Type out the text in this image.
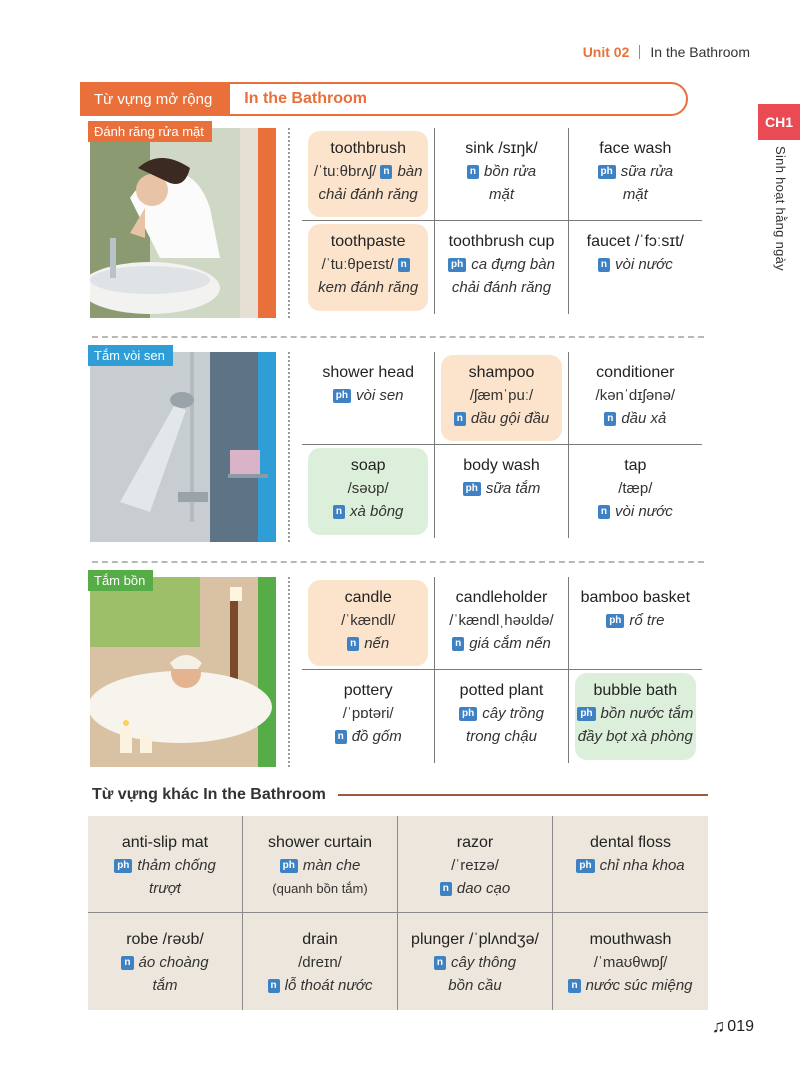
Unit 02 In the Bathroom
CH1
Sinh hoạt hằng ngày
Từ vựng mở rộng	In the Bathroom
Đánh răng rửa mặt
toothbrush
/ˈtuːθbrʌʃ/ n bàn
chải đánh răng
sink /sɪŋk/
n bồn rửa
mặt
face wash
ph sữa rửa
mặt
toothpaste
/ˈtuːθpeɪst/ n
kem đánh răng
toothbrush cup
ph ca đựng bàn
chải đánh răng
faucet /ˈfɔːsɪt/
n vòi nước
Tắm vòi sen
shower head
ph vòi sen
shampoo
/ʃæmˈpuː/
n dầu gội đầu
conditioner
/kənˈdɪʃənə/
n dầu xả
soap
/səʊp/
n xà bông
body wash
ph sữa tắm
tap
/tæp/
n vòi nước
Tắm bồn
candle
/ˈkændl/
n nến
candleholder
/ˈkændlˌhəʊldə/
n giá cắm nến
bamboo basket
ph rổ tre
pottery
/ˈpɒtəri/
n đồ gốm
potted plant
ph cây trồng
trong chậu
bubble bath
ph bồn nước tắm
đầy bọt xà phòng
Từ vựng khác In the Bathroom
anti-slip mat
ph thảm chống
trượt
shower curtain
ph màn che
(quanh bồn tắm)
razor
/ˈreɪzə/
n dao cạo
dental floss
ph chỉ nha khoa
robe /rəʊb/
n áo choàng
tắm
drain
/dreɪn/
n lỗ thoát nước
plunger /ˈplʌndʒə/
n cây thông
bồn cầu
mouthwash
/ˈmaʊθwɒʃ/
n nước súc miệng
♫ 019
